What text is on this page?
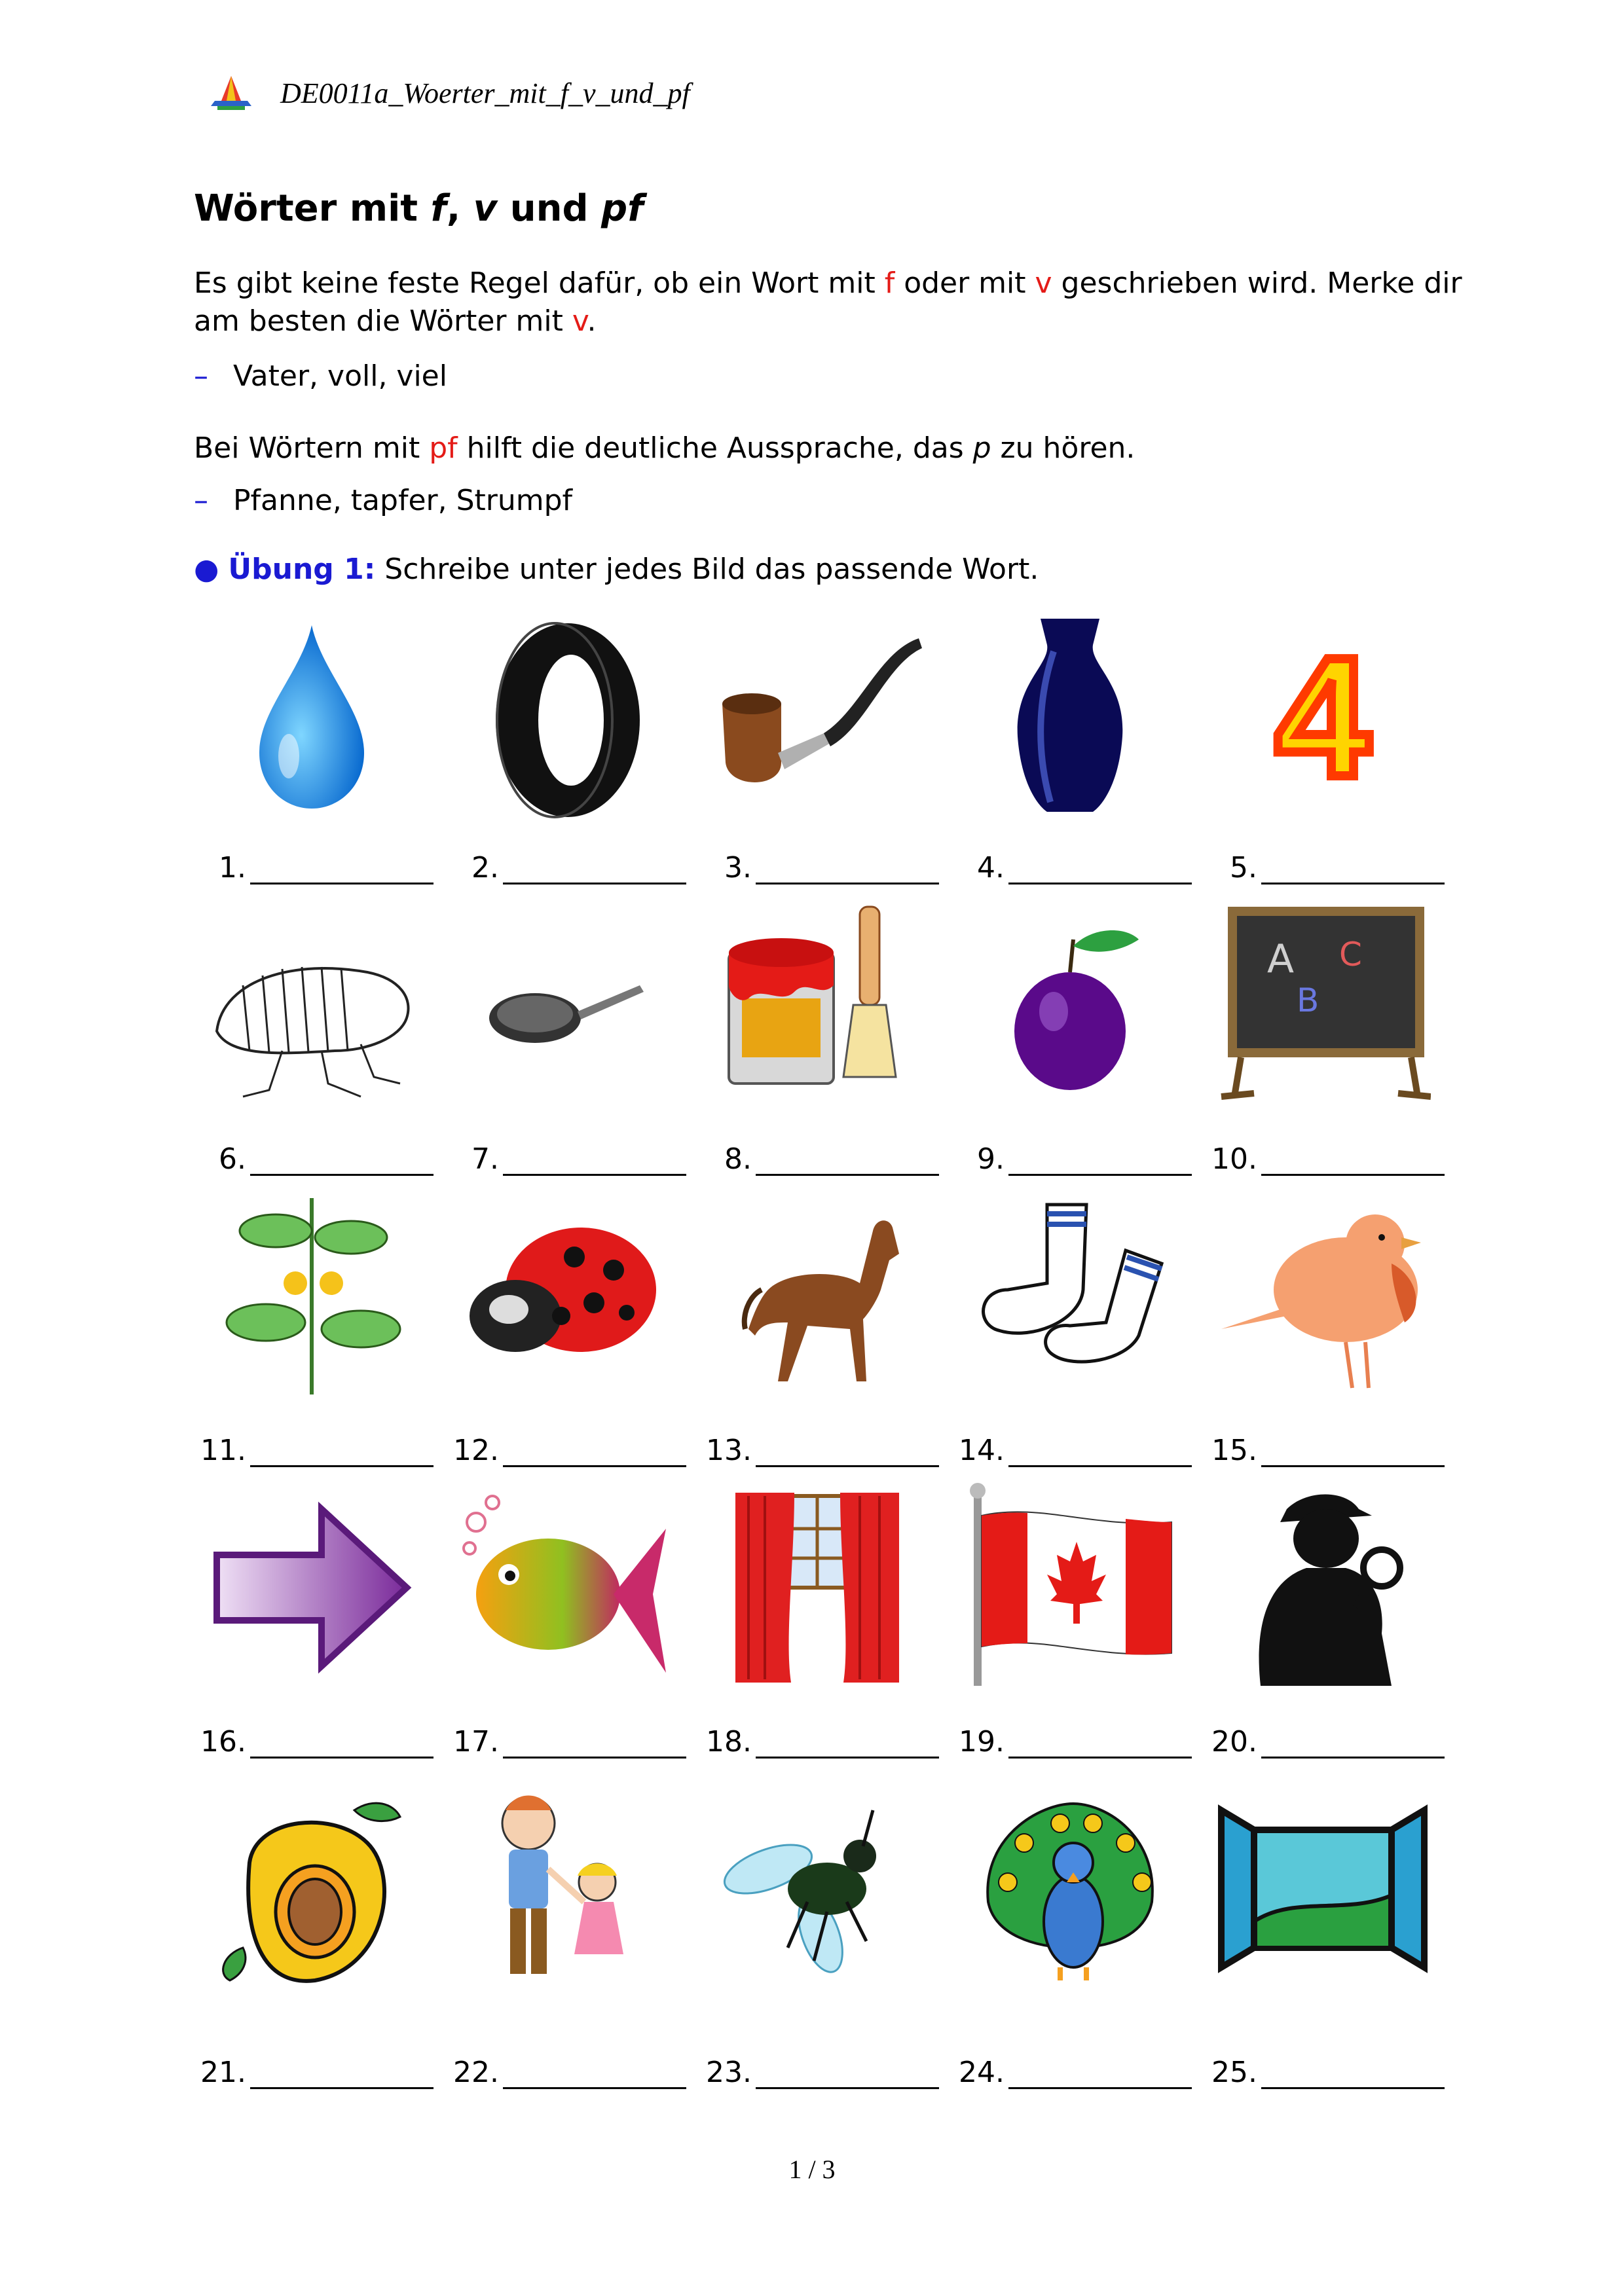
DE0011a_Woerter_mit_f_v_und_pf
Wörter mit f, v und pf
Es gibt keine feste Regel dafür, ob ein Wort mit f oder mit v geschrieben wird. Merke dir
am besten die Wörter mit v.
– Vater, voll, viel
Bei Wörtern mit pf hilft die deutliche Aussprache, das p zu hören.
– Pfanne, tapfer, Strumpf
● Übung 1: Schreibe unter jedes Bild das passende Wort.
4
1.	2.	3.	4.	5.
A C
B
6.	7.	8.	9.	10.
11.	12.	13.	14.	15.
16.	17.	18.	19.	20.
21.	22.	23.	24.	25.
1 / 3
